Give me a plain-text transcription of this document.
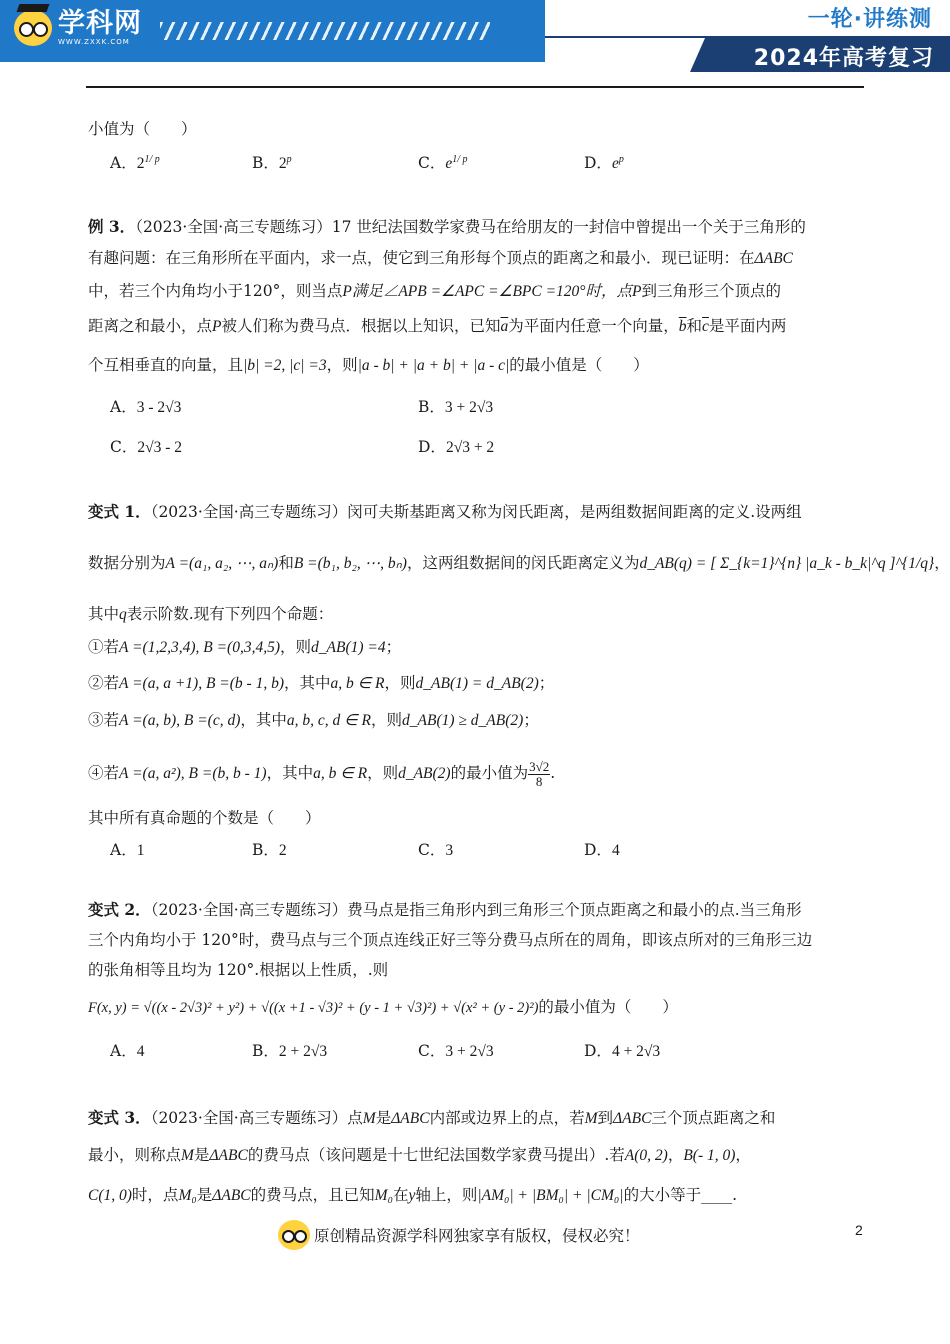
学科网
WWW.ZXXK.COM
一轮·讲练测
2024年高考复习
小值为（　　）
A．$2^{1/ p}$	B．2$^p$	C．$e^{1/ p}$	D．$e^p$
例 3．（2023·全国·高三专题练习）17 世纪法国数学家费马在给朋友的一封信中曾提出一个关于三角形的
有趣问题：在三角形所在平面内，求一点，使它到三角形每个顶点的距离之和最小．现已证明：在ΔABC
中，若三个内角均小于120°，则当点P满足∠APB =∠APC =∠BPC =120°时，点P到三角形三个顶点的
距离之和最小，点P被人们称为费马点．根据以上知识，已知$\overline{a}$为平面内任意一个向量，$\overline{b}$和$\overline{c}$是平面内两
个互相垂直的向量，且|b| =2, |c| =3，则|a - b| + |a + b| + |a - c|的最小值是（　　）
A．3 - 2√3	B．3 + 2√3
C．2√3 - 2	D．2√3 + 2
变式 1．（2023·全国·高三专题练习）闵可夫斯基距离又称为闵氏距离，是两组数据间距离的定义.设两组
数据分别为A =(a₁, a₂, ⋯, aₙ)和B =(b₁, b₂, ⋯, bₙ)，这两组数据间的闵氏距离定义为d_AB(q) = [ Σ_{k=1}^{n} |a_k - b_k|^q ]^{1/q}，
其中q表示阶数.现有下列四个命题：
①若A =(1,2,3,4), B =(0,3,4,5)，则d_AB(1) =4；
②若A =(a, a +1), B =(b - 1, b)，其中a, b ∈ R，则d_AB(1) = d_AB(2)；
③若A =(a, b), B =(c, d)，其中a, b, c, d ∈ R，则d_AB(1) ≥ d_AB(2)；
④若A =(a, a²), B =(b, b - 1)，其中a, b ∈ R，则d_AB(2)的最小值为 $\frac{3√2}{8}$ .
其中所有真命题的个数是（　　）
A．1	B．2	C．3	D．4
变式 2．（2023·全国·高三专题练习）费马点是指三角形内到三角形三个顶点距离之和最小的点.当三角形
三个内角均小于 120°时，费马点与三个顶点连线正好三等分费马点所在的周角，即该点所对的三角形三边
的张角相等且均为 120°.根据以上性质，.则
F(x, y) = √((x - 2√3)² + y²) + √((x +1 - √3)² + (y - 1 + √3)²) + √(x² + (y - 2)²)的最小值为（　　）
A．4	B．2 + 2√3	C．3 + 2√3	D．4 + 2√3
变式 3．（2023·全国·高三专题练习）点M是ΔABC内部或边界上的点，若M到ΔABC三个顶点距离之和
最小，则称点M是ΔABC的费马点（该问题是十七世纪法国数学家费马提出）.若A(0, 2)，B(- 1, 0)，
C(1, 0)时，点M₀是ΔABC的费马点，且已知M₀在y轴上，则|AM₀| + |BM₀| + |CM₀|的大小等于____.
原创精品资源学科网独家享有版权，侵权必究！	2
